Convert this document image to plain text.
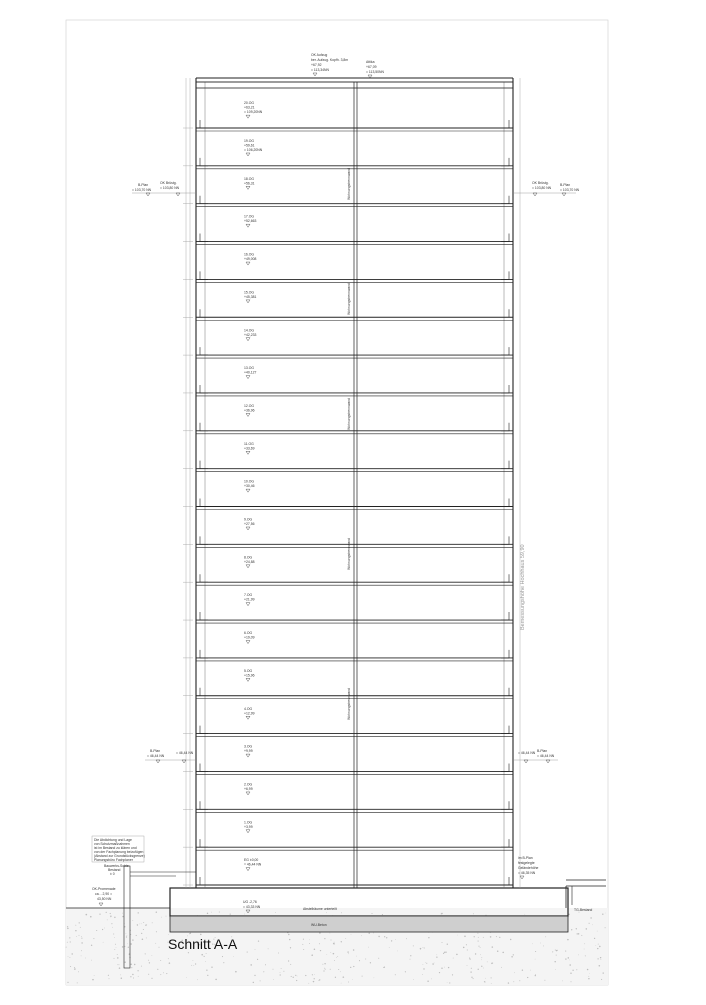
20.OG
+63,21
= 109,20NN
19.OG
+59,61
= 106,20NN
18.OG
+56,31
17.OG
+52,663
16.OG
+49,008
15.OG
+45,381
14.OG
+42,233
13.OG
+40,127
12.OG
+36,96
11.OG
+33,69
10.OG
+30,46
9.OG
+27,56
8.OG
+24,88
7.OG
+21,99
6.OG
+19,09
5.OG
+15,96
4.OG
+12,99
3.OG
+9,99
2.OG
+6,99
1.OG
+3,99
EG ±0,00
= 46,44 NN
Bemessungshöhe Hochhaus 59,90
OK Aufzug
ber. Aufzug. Kopfh. 3,8m
+67,92
= 113,34NN
Attika
+67,09
= 113,50NN
B-Plan
= 103,70 NN
OK Brüstg.
= 103,80 NN
OK Brüstg.
= 103,80 NN
B-Plan
= 103,70 NN
B-Plan
= 46,44 NN
= 46,44 NN	= 46,44 NN B-Plan
= 46,44 NN
im B-Plan
festgelegte
Geländehöhe
= 46,35 NN
Die Abdichtung und Lage
von Schutzmaßnahmen
ist im Bestand zu klären und
von der Fachplanung beizufügen
(Abstand zur Grundstücksgrenze)
Planungsbüro Fachplaner
Bauwerks-Sohle
Bestand
± 0
OK-Promenade
ca. - 2,90 =
43,50 NN
UG -2,76
= 43,33 NN	Abstellräume unterteilt
WU-Beton
TG-Bestand
Wohnungstrennwand
Wohnungstrennwand
Wohnungstrennwand
Wohnungstrennwand
Wohnungstrennwand
Schnitt A-A
